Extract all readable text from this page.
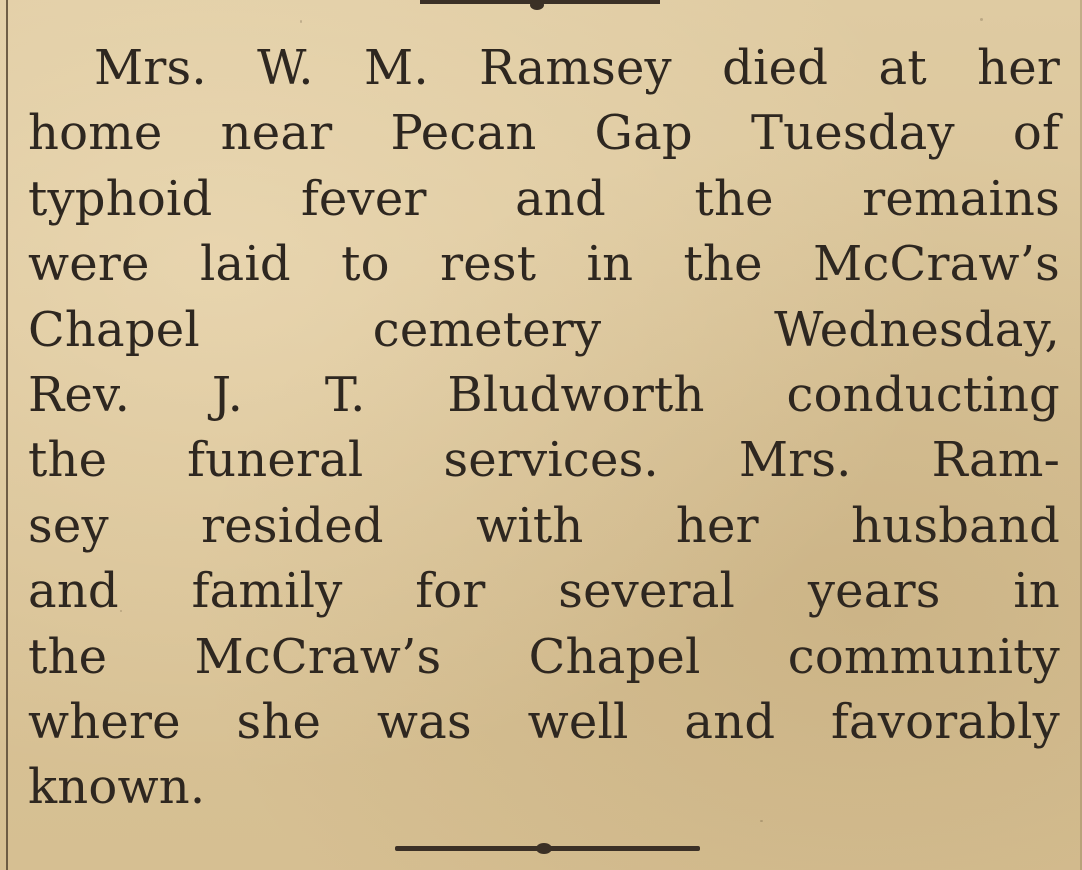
Mrs. W. M. Ramsey died at her
home near Pecan Gap Tuesday of
typhoid fever and the remains
were laid to rest in the McCraw’s
Chapel cemetery Wednesday,
Rev. J. T. Bludworth conducting
the funeral services. Mrs. Ram-
sey resided with her husband
and family for several years in
the McCraw’s Chapel community
where she was well and favorably
known.
